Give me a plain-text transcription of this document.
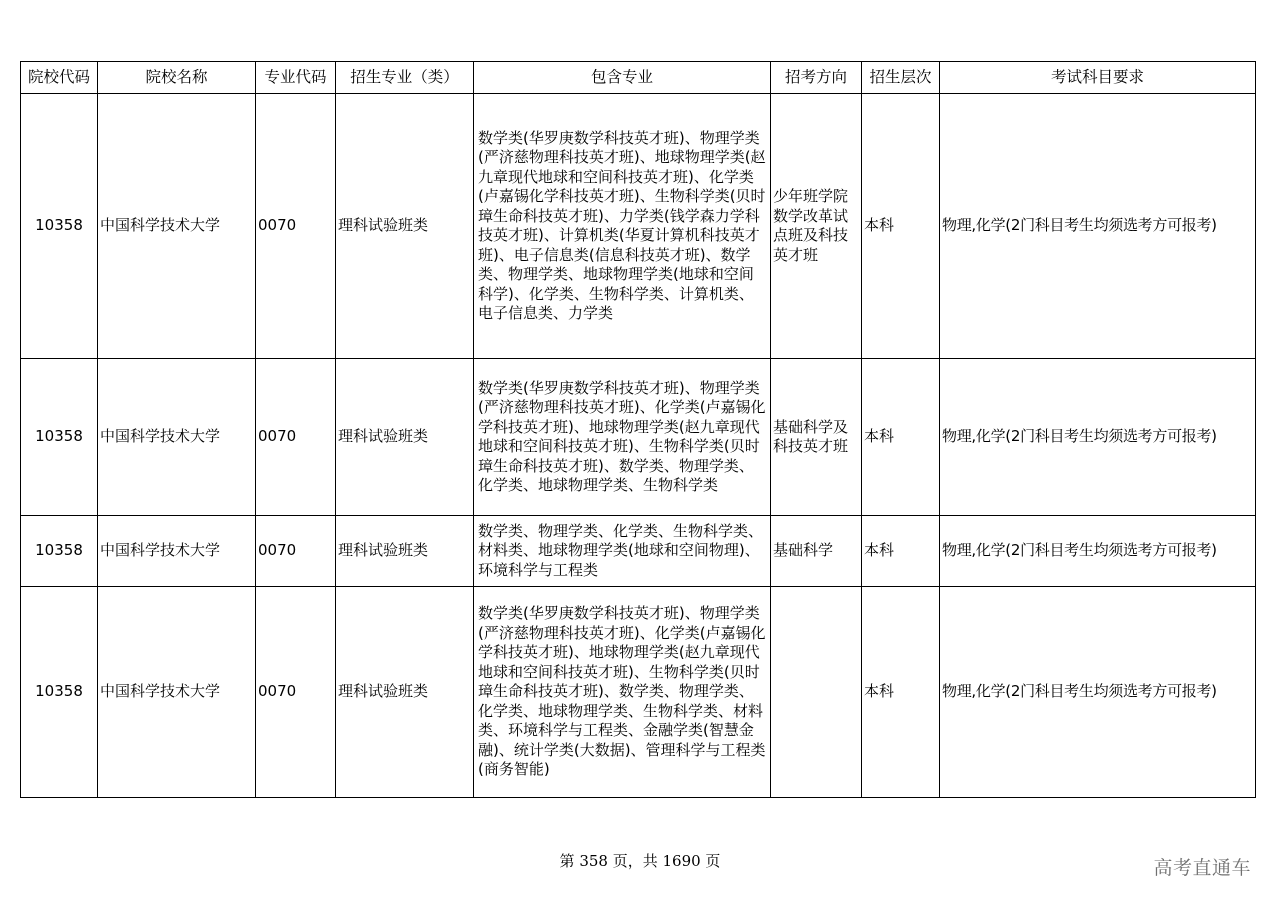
院校代码	院校名称	专业代码	招生专业（类）	包含专业	招考方向	招生层次	考试科目要求
10358	中国科学技术大学	0070	理科试验班类	数学类(华罗庚数学科技英才班)、物理学类(严济慈物理科技英才班)、地球物理学类(赵九章现代地球和空间科技英才班)、化学类(卢嘉锡化学科技英才班)、生物科学类(贝时璋生命科技英才班)、力学类(钱学森力学科技英才班)、计算机类(华夏计算机科技英才班)、电子信息类(信息科技英才班)、数学类、物理学类、地球物理学类(地球和空间科学)、化学类、生物科学类、计算机类、电子信息类、力学类	少年班学院数学改革试点班及科技英才班	本科	物理,化学(2门科目考生均须选考方可报考)
10358	中国科学技术大学	0070	理科试验班类	数学类(华罗庚数学科技英才班)、物理学类(严济慈物理科技英才班)、化学类(卢嘉锡化学科技英才班)、地球物理学类(赵九章现代地球和空间科技英才班)、生物科学类(贝时璋生命科技英才班)、数学类、物理学类、化学类、地球物理学类、生物科学类	基础科学及科技英才班	本科	物理,化学(2门科目考生均须选考方可报考)
10358	中国科学技术大学	0070	理科试验班类	数学类、物理学类、化学类、生物科学类、材料类、地球物理学类(地球和空间物理)、环境科学与工程类	基础科学	本科	物理,化学(2门科目考生均须选考方可报考)
10358	中国科学技术大学	0070	理科试验班类	数学类(华罗庚数学科技英才班)、物理学类(严济慈物理科技英才班)、化学类(卢嘉锡化学科技英才班)、地球物理学类(赵九章现代地球和空间科技英才班)、生物科学类(贝时璋生命科技英才班)、数学类、物理学类、化学类、地球物理学类、生物科学类、材料类、环境科学与工程类、金融学类(智慧金融)、统计学类(大数据)、管理科学与工程类(商务智能)		本科	物理,化学(2门科目考生均须选考方可报考)
第 358 页，共 1690 页	高考直通车
